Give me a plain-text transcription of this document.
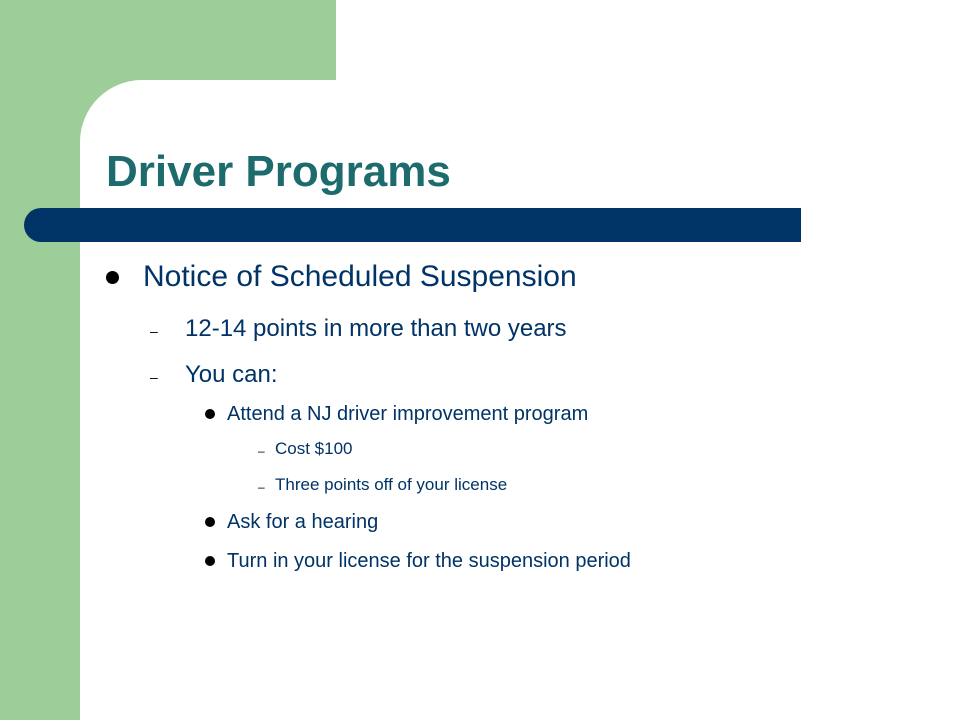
Driver Programs
Notice of Scheduled Suspension
– 12-14 points in more than two years
– You can:
Attend a NJ driver improvement program
– Cost $100
– Three points off of your license
Ask for a hearing
Turn in your license for the suspension period
